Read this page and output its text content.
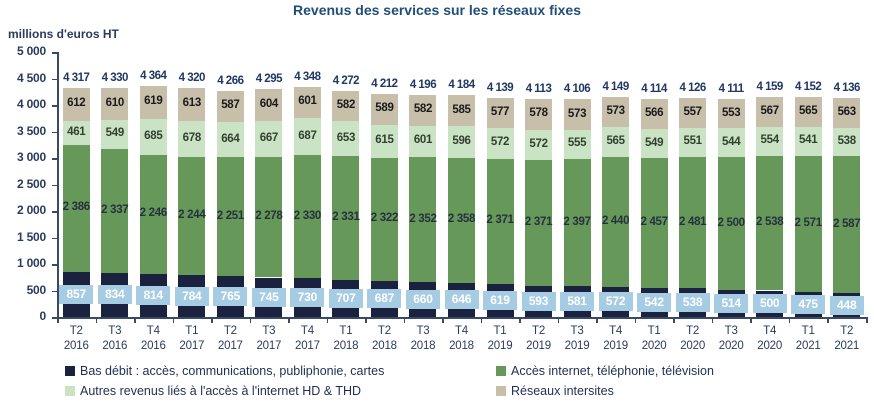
Revenus des services sur les réseaux fixes
millions d'euros HT
0
500
1 000
1 500
2 000
2 500
3 000
3 500
4 000
4 500
5 000
857
2 386
461
612
4 317
T2
2016
834
2 337
549
610
4 330
T3
2016
814
2 246
685
619
4 364
T4
2016
784
2 244
678
613
4 320
T1
2017
765
2 251
664
587
4 266
T2
2017
745
2 278
667
604
4 295
T3
2017
730
2 330
687
601
4 348
T4
2017
707
2 331
653
582
4 272
T1
2018
687
2 322
615
589
4 212
T2
2018
660
2 352
601
582
4 196
T3
2018
646
2 358
596
585
4 184
T4
2018
619
2 371
572
577
4 139
T1
2019
593
2 371
572
578
4 113
T2
2019
581
2 397
555
573
4 106
T3
2019
572
2 440
565
573
4 149
T4
2019
542
2 457
549
566
4 114
T1
2020
538
2 481
551
557
4 126
T2
2020
514
2 500
544
553
4 111
T3
2020
500
2 538
554
567
4 159
T4
2020
475
2 571
541
565
4 152
T1
2021
448
2 587
538
563
4 136
T2
2021
Bas débit : accès, communications, publiphonie, cartes	Accès internet, téléphonie, télévision
Autres revenus liés à l'accès à l'internet HD & THD	Réseaux intersites
